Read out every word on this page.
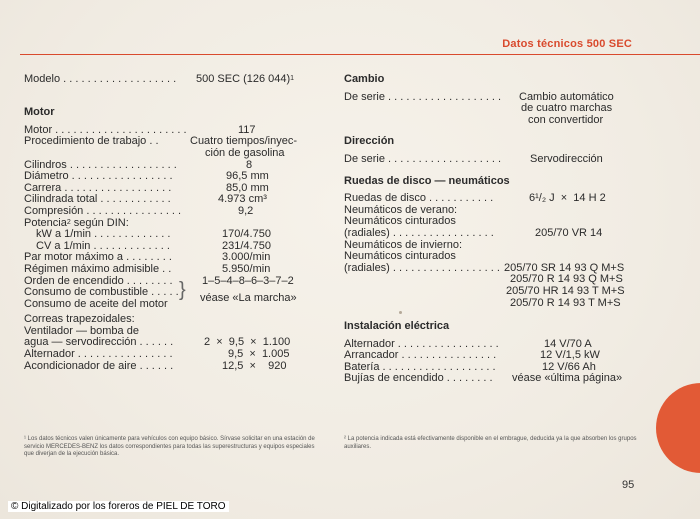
Datos técnicos 500 SEC
Modelo . . . . . . . . . . . . . . . . . . . 500 SEC (126 044)$^1$
Motor
Motor . . . . . . . . . . . . . . . . . . . . . .	117
Procedimiento de trabajo . .	Cuatro tiempos/inyec-

ción de gasolina
Cilindros . . . . . . . . . . . . . . . . . .	8
Diámetro . . . . . . . . . . . . . . . . .	96,5 mm
Carrera . . . . . . . . . . . . . . . . . .	85,0 mm
Cilindrada total . . . . . . . . . . . .	4.973 cm³
Compresión . . . . . . . . . . . . . . . .	9,2
Potencia$^2$ según DIN:
kW a 1/min . . . . . . . . . . . . .	170/4.750
CV a 1/min . . . . . . . . . . . . .	231/4.750
Par motor máximo a . . . . . . . .	3.000/min
Régimen máximo admisible . .	5.950/min
Orden de encendido . . . . . . . .	1–5–4–8–6–3–7–2
Consumo de combustible . . . . .
Consumo de aceite del motor
} véase «La marcha»
Correas trapezoidales:
Ventilador — bomba de
agua — servodirección . . . . . .	2  ×  9,5  ×  1.100
Alternador . . . . . . . . . . . . . . . .	9,5  ×  1.005
Acondicionador de aire . . . . . .	12,5  ×    920
Cambio
De serie . . . . . . . . . . . . . . . . . . . Cambio automático

de cuatro marchas

con convertidor
Dirección
De serie . . . . . . . . . . . . . . . . . . .	Servodirección
Ruedas de disco — neumáticos
Ruedas de disco . . . . . . . . . . .	6¹/₂ J  ×  14 H 2
Neumáticos de verano:
Neumáticos cinturados
(radiales) . . . . . . . . . . . . . . . . .	205/70 VR 14
Neumáticos de invierno:
Neumáticos cinturados
(radiales) . . . . . . . . . . . . . . . . . . 205/70 SR 14 93 Q M+S

205/70 R 14 93 Q M+S

205/70 HR 14 93 T M+S

205/70 R 14 93 T M+S
Instalación eléctrica
Alternador . . . . . . . . . . . . . . . . .	14 V/70 A
Arrancador . . . . . . . . . . . . . . . .	12 V/1,5 kW
Batería . . . . . . . . . . . . . . . . . . .	12 V/66 Ah
Bujías de encendido . . . . . . . . véase «última página»
¹ Los datos técnicos valen únicamente para vehículos con equipo básico. Sírvase solicitar en una estación de servicio MERCEDES-BENZ los datos correspondientes para todas las superestructuras y equipos especiales que diverjan de la ejecución básica.
² La potencia indicada está efectivamente disponible en el embrague, deducida ya la que absorben los grupos auxiliares.
95
© Digitalizado por los foreros de PIEL DE TORO
